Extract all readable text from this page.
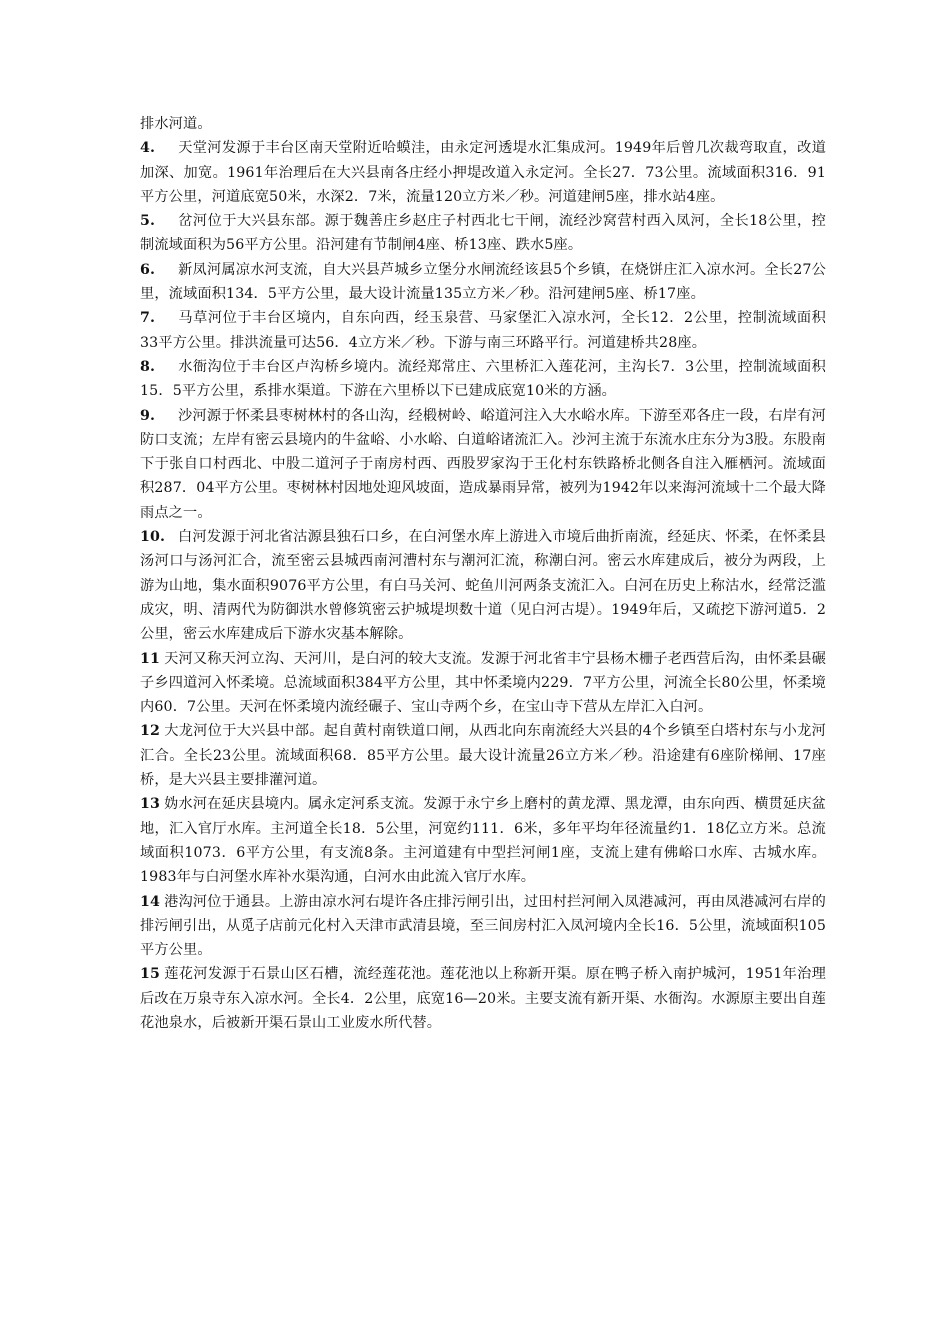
排水河道。

4. 天堂河发源于丰台区南天堂附近哈蟆洼，由永定河透堤水汇集成河。1949年后曾几次裁弯取直，改道加深、加宽。1961年治理后在大兴县南各庄经小押堤改道入永定河。全长27．73公里。流域面积316．91平方公里，河道底宽50米，水深2．7米，流量120立方米／秒。河道建闸5座，排水站4座。

5. 岔河位于大兴县东部。源于魏善庄乡赵庄子村西北七干闸，流经沙窝营村西入凤河，全长18公里，控制流域面积为56平方公里。沿河建有节制闸4座、桥13座、跌水5座。

6. 新凤河属凉水河支流，自大兴县芦城乡立堡分水闸流经该县5个乡镇，在烧饼庄汇入凉水河。全长27公里，流域面积134．5平方公里，最大设计流量135立方米／秒。沿河建闸5座、桥17座。

7. 马草河位于丰台区境内，自东向西，经玉泉营、马家堡汇入凉水河，全长12．2公里，控制流域面积33平方公里。排洪流量可达56．4立方米／秒。下游与南三环路平行。河道建桥共28座。

8. 水衙沟位于丰台区卢沟桥乡境内。流经郑常庄、六里桥汇入莲花河，主沟长7．3公里，控制流域面积15．5平方公里，系排水渠道。下游在六里桥以下已建成底宽10米的方涵。

9. 沙河源于怀柔县枣树林村的各山沟，经椴树岭、峪道河注入大水峪水库。下游至邓各庄一段，右岸有河防口支流；左岸有密云县境内的牛盆峪、小水峪、白道峪诸流汇入。沙河主流于东流水庄东分为3股。东股南下于张自口村西北、中股二道河子于南房村西、西股罗家沟于王化村东铁路桥北侧各自注入雁栖河。流域面积287．04平方公里。枣树林村因地处迎风坡面，造成暴雨异常，被列为1942年以来海河流域十二个最大降雨点之一。

10. 白河发源于河北省沽源县独石口乡，在白河堡水库上游进入市境后曲折南流，经延庆、怀柔，在怀柔县汤河口与汤河汇合，流至密云县城西南河漕村东与潮河汇流，称潮白河。密云水库建成后，被分为两段，上游为山地，集水面积9076平方公里，有白马关河、蛇鱼川河两条支流汇入。白河在历史上称沽水，经常泛滥成灾，明、清两代为防御洪水曾修筑密云护城堤坝数十道（见白河古堤）。1949年后，又疏挖下游河道5．2公里，密云水库建成后下游水灾基本解除。

11 天河又称天河立沟、天河川，是白河的较大支流。发源于河北省丰宁县杨木栅子老西营后沟，由怀柔县碾子乡四道河入怀柔境。总流域面积384平方公里，其中怀柔境内229．7平方公里，河流全长80公里，怀柔境内60．7公里。天河在怀柔境内流经碾子、宝山寺两个乡，在宝山寺下营从左岸汇入白河。

12 大龙河位于大兴县中部。起自黄村南铁道口闸，从西北向东南流经大兴县的4个乡镇至白塔村东与小龙河汇合。全长23公里。流域面积68．85平方公里。最大设计流量26立方米／秒。沿途建有6座阶梯闸、17座桥，是大兴县主要排灌河道。

13 妫水河在延庆县境内。属永定河系支流。发源于永宁乡上磨村的黄龙潭、黑龙潭，由东向西、横贯延庆盆地，汇入官厅水库。主河道全长18．5公里，河宽约111．6米，多年平均年径流量约1．18亿立方米。总流域面积1073．6平方公里，有支流8条。主河道建有中型拦河闸1座，支流上建有佛峪口水库、古城水库。1983年与白河堡水库补水渠沟通，白河水由此流入官厅水库。

14 港沟河位于通县。上游由凉水河右堤许各庄排污闸引出，过田村拦河闸入凤港减河，再由凤港减河右岸的排污闸引出，从觅子店前元化村入天津市武清县境，至三间房村汇入凤河境内全长16．5公里，流域面积105平方公里。

15 莲花河发源于石景山区石槽，流经莲花池。莲花池以上称新开渠。原在鸭子桥入南护城河，1951年治理后改在万泉寺东入凉水河。全长4．2公里，底宽16—20米。主要支流有新开渠、水衙沟。水源原主要出自莲花池泉水，后被新开渠石景山工业废水所代替。
